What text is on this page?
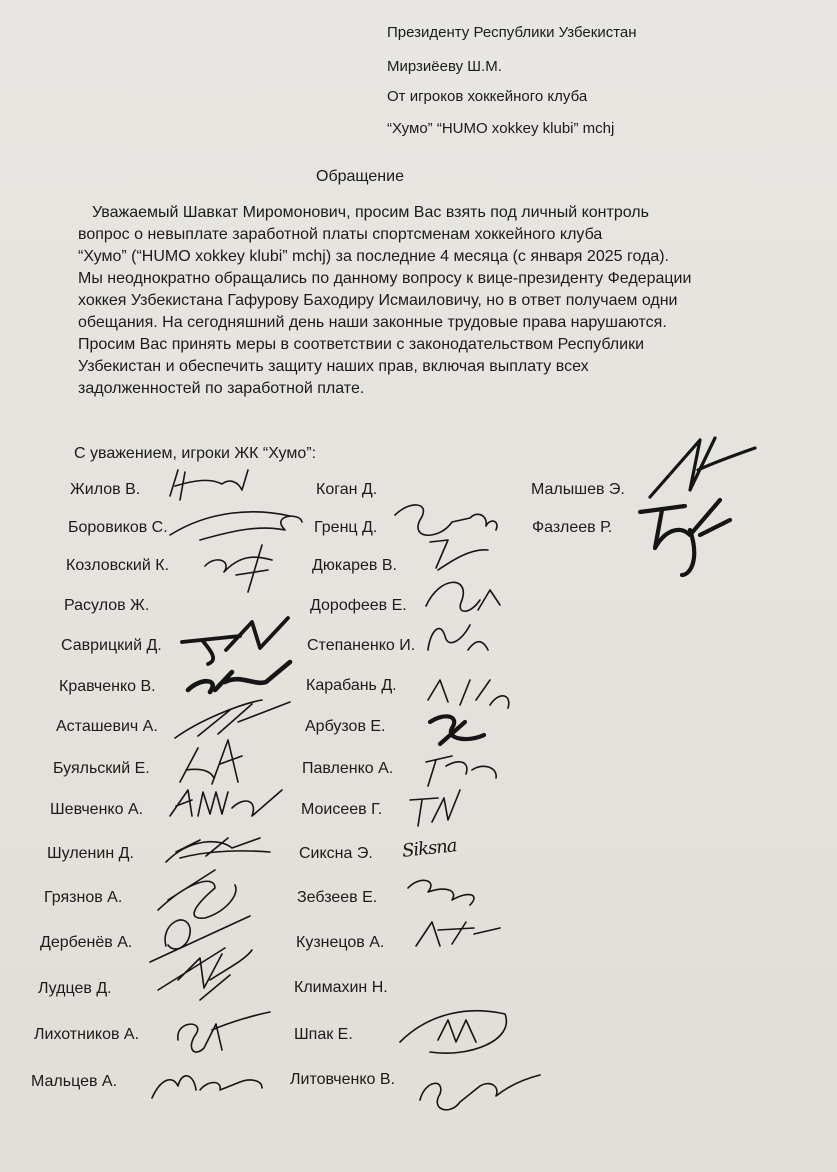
Президенту Республики Узбекистан
Мирзиёеву Ш.М.
От игроков хоккейного клуба
“Хумо” “HUMO xokkey klubi” mchj
Обращение
Уважаемый Шавкат Миромонович, просим Вас взять под личный контроль
вопрос о невыплате заработной платы спортсменам хоккейного клуба
“Хумо” (“HUMO xokkey klubi” mchj) за последние 4 месяца (с января 2025 года).
Мы неоднократно обращались по данному вопросу к вице-президенту Федерации
хоккея Узбекистана Гафурову Баходиру Исмаиловичу, но в ответ получаем одни
обещания. На сегодняшний день наши законные трудовые права нарушаются.
Просим Вас принять меры в соответствии с законодательством Республики
Узбекистан и обеспечить защиту наших прав, включая выплату всех
задолженностей по заработной плате.
С уважением, игроки ЖК “Хумо”:
Жилов В.
Боровиков С.
Козловский К.
Расулов Ж.
Саврицкий Д.
Кравченко В.
Асташевич А.
Буяльский Е.
Шевченко А.
Шуленин Д.
Грязнов А.
Дербенёв А.
Лудцев Д.
Лихотников А.
Мальцев А.
Коган Д.
Гренц Д.
Дюкарев В.
Дорофеев Е.
Степаненко И.
Карабань Д.
Арбузов Е.
Павленко А.
Моисеев Г.
Сиксна Э.
Зебзеев Е.
Кузнецов А.
Климахин Н.
Шпак Е.
Литовченко В.
Малышев Э.
Фазлеев Р.
Siksna
